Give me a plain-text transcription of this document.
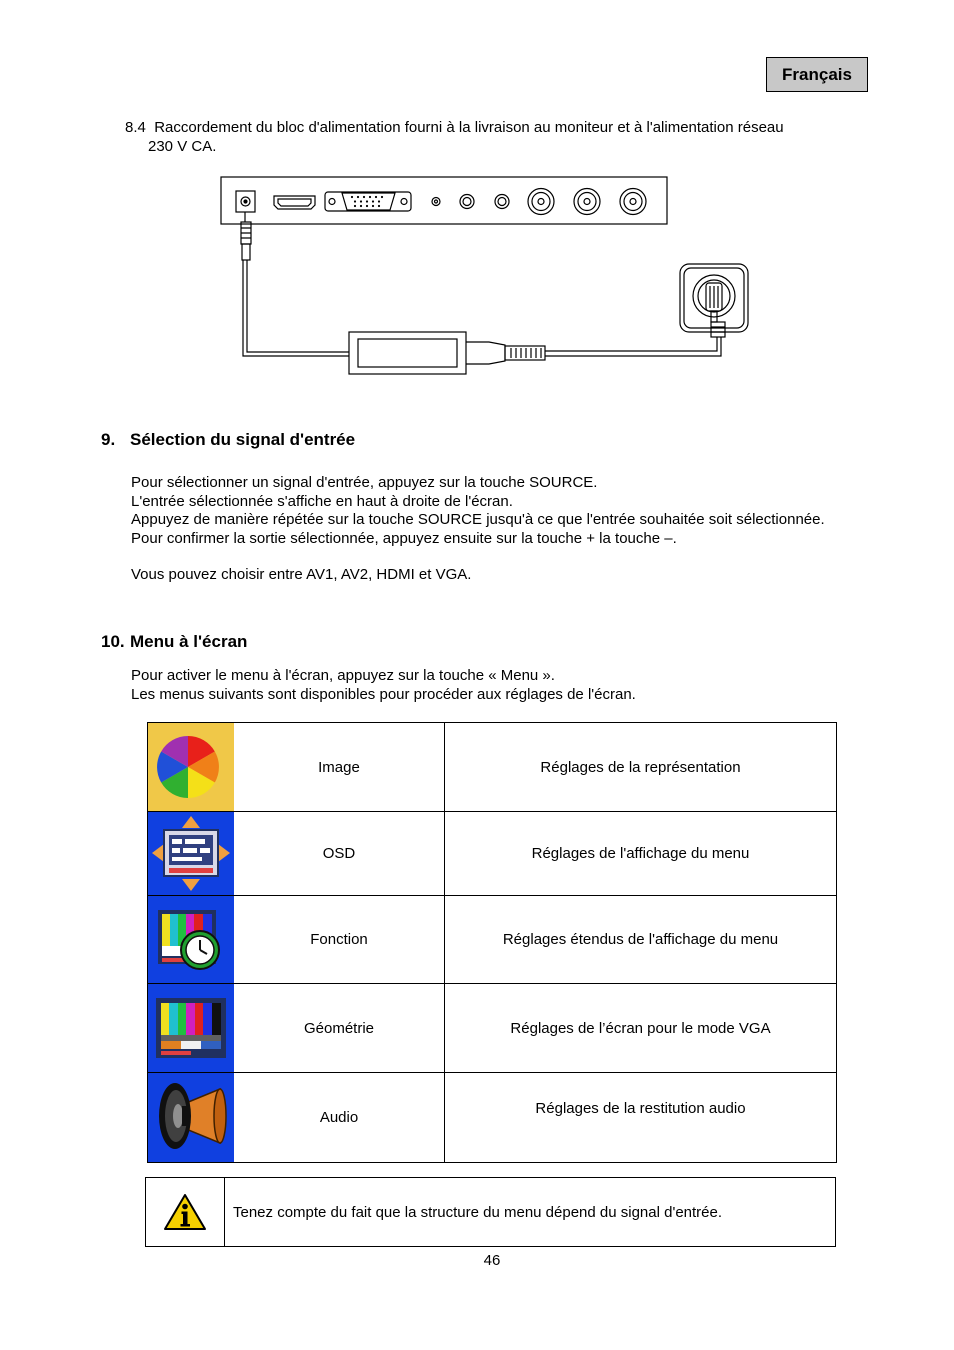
Français
8.4 Raccordement du bloc d'alimentation fourni à la livraison au moniteur et à l'alimentation réseau
230 V CA.
9. Sélection du signal d'entrée
Pour sélectionner un signal d'entrée, appuyez sur la touche SOURCE.
L'entrée sélectionnée s'affiche en haut à droite de l'écran.
Appuyez de manière répétée sur la touche SOURCE jusqu'à ce que l'entrée souhaitée soit sélectionnée.
Pour confirmer la sortie sélectionnée, appuyez ensuite sur la touche + la touche –.
Vous pouvez choisir entre AV1, AV2, HDMI et VGA.
10. Menu à l'écran
Pour activer le menu à l'écran, appuyez sur la touche « Menu ».
Les menus suivants sont disponibles pour procéder aux réglages de l'écran.
	Image	Réglages de la représentation

	OSD	Réglages de l'affichage du menu

	Fonction	Réglages étendus de l'affichage du menu

	Géométrie	Réglages de l’écran pour le mode VGA

	Audio	Réglages de la restitution audio
	Tenez compte du fait que la structure du menu dépend du signal d'entrée.
46
